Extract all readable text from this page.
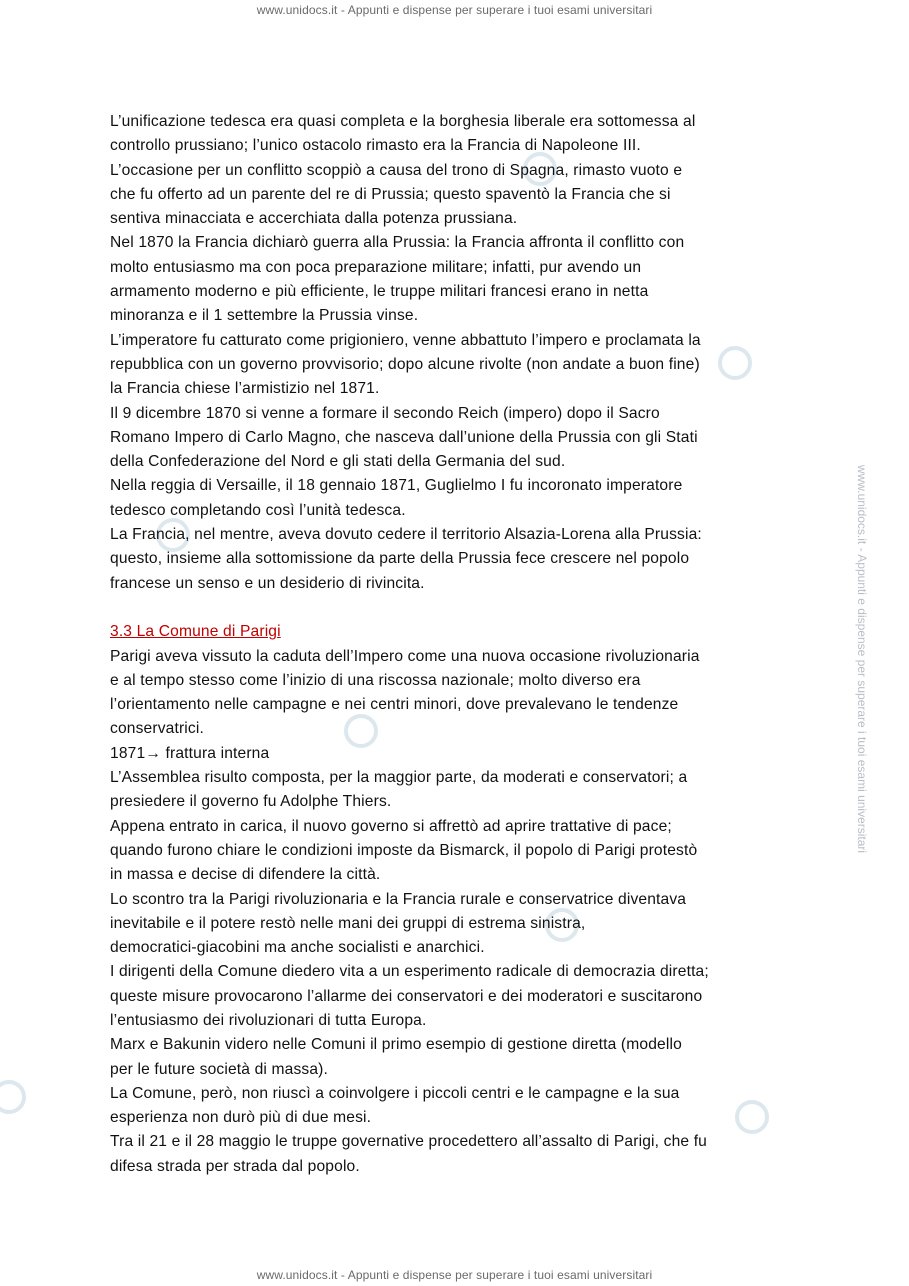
www.unidocs.it - Appunti e dispense per superare i tuoi esami universitari
www.unidocs.it - Appunti e dispense per superare i tuoi esami universitari

L’unificazione tedesca era quasi completa e la borghesia liberale era sottomessa al

controllo prussiano; l’unico ostacolo rimasto era la Francia di Napoleone III.

L’occasione per un conflitto scoppiò a causa del trono di Spagna, rimasto vuoto e

che fu offerto ad un parente del re di Prussia; questo spaventò la Francia che si

sentiva minacciata e accerchiata dalla potenza prussiana.

Nel 1870 la Francia dichiarò guerra alla Prussia: la Francia affronta il conflitto con

molto entusiasmo ma con poca preparazione militare; infatti, pur avendo un

armamento moderno e più efficiente, le truppe militari francesi erano in netta

minoranza e il 1 settembre la Prussia vinse.

L’imperatore fu catturato come prigioniero, venne abbattuto l’impero e proclamata la

repubblica con un governo provvisorio; dopo alcune rivolte (non andate a buon fine)

la Francia chiese l’armistizio nel 1871.

Il 9 dicembre 1870 si venne a formare il secondo Reich (impero) dopo il Sacro

Romano Impero di Carlo Magno, che nasceva dall’unione della Prussia con gli Stati

della Confederazione del Nord e gli stati della Germania del sud.

Nella reggia di Versaille, il 18 gennaio 1871, Guglielmo I fu incoronato imperatore

tedesco completando così l’unità tedesca.

La Francia, nel mentre, aveva dovuto cedere il territorio Alsazia-Lorena alla Prussia:

questo, insieme alla sottomissione da parte della Prussia fece crescere nel popolo

francese un senso e un desiderio di rivincita.

3.3 La Comune di Parigi

Parigi aveva vissuto la caduta dell’Impero come una nuova occasione rivoluzionaria

e al tempo stesso come l’inizio di una riscossa nazionale; molto diverso era

l’orientamento nelle campagne e nei centri minori, dove prevalevano le tendenze

conservatrici.

1871→ frattura interna

L’Assemblea risulto composta, per la maggior parte, da moderati e conservatori; a

presiedere il governo fu Adolphe Thiers.

Appena entrato in carica, il nuovo governo si affrettò ad aprire trattative di pace;

quando furono chiare le condizioni imposte da Bismarck, il popolo di Parigi protestò

in massa e decise di difendere la città.

Lo scontro tra la Parigi rivoluzionaria e la Francia rurale e conservatrice diventava

inevitabile e il potere restò nelle mani dei gruppi di estrema sinistra,

democratici-giacobini ma anche socialisti e anarchici.

I dirigenti della Comune diedero vita a un esperimento radicale di democrazia diretta;

queste misure provocarono l’allarme dei conservatori e dei moderatori e suscitarono

l’entusiasmo dei rivoluzionari di tutta Europa.

Marx e Bakunin videro nelle Comuni il primo esempio di gestione diretta (modello

per le future società di massa).

La Comune, però, non riuscì a coinvolgere i piccoli centri e le campagne e la sua

esperienza non durò più di due mesi.

Tra il 21 e il 28 maggio le truppe governative procedettero all’assalto di Parigi, che fu

difesa strada per strada dal popolo.

www.unidocs.it - Appunti e dispense per superare i tuoi esami universitari
